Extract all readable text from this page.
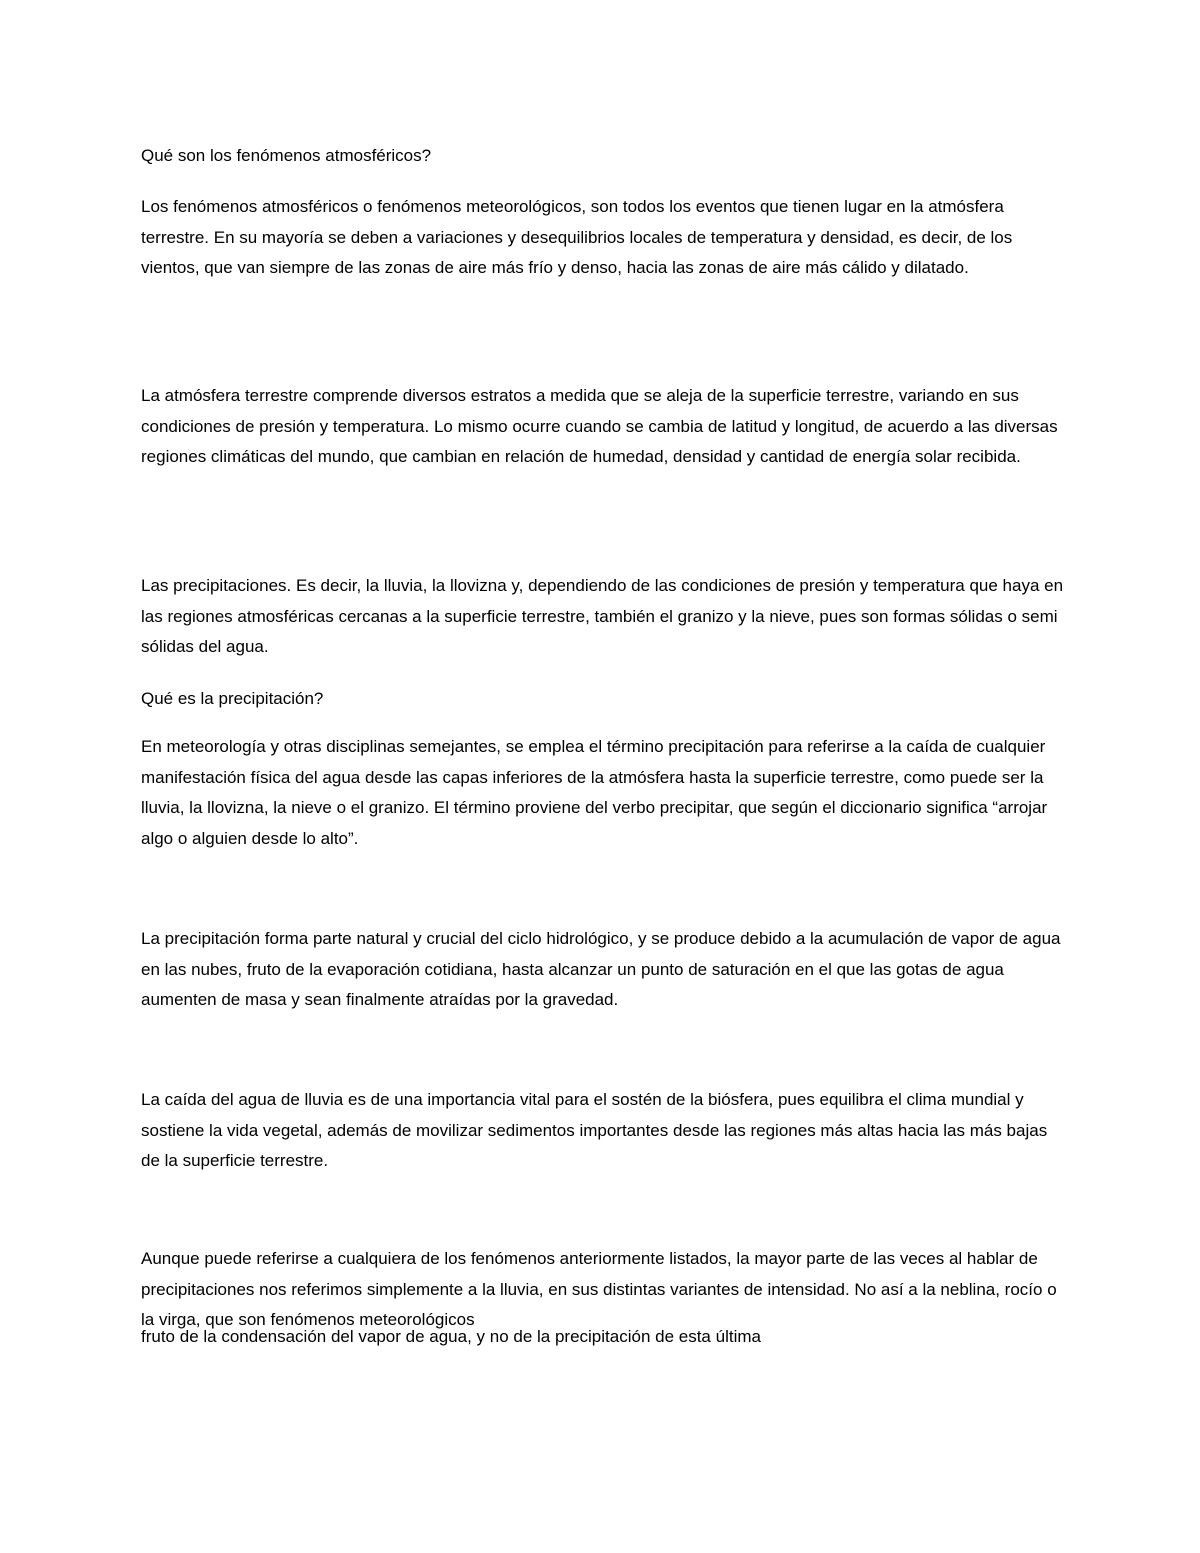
Qué son los fenómenos atmosféricos?

Los fenómenos atmosféricos o fenómenos meteorológicos, son todos los eventos que tienen lugar en la atmósfera terrestre. En su mayoría se deben a variaciones y desequilibrios locales de temperatura y densidad, es decir, de los vientos, que van siempre de las zonas de aire más frío y denso, hacia las zonas de aire más cálido y dilatado.

La atmósfera terrestre comprende diversos estratos a medida que se aleja de la superficie terrestre, variando en sus condiciones de presión y temperatura. Lo mismo ocurre cuando se cambia de latitud y longitud, de acuerdo a las diversas regiones climáticas del mundo, que cambian en relación de humedad, densidad y cantidad de energía solar recibida.

Las precipitaciones. Es decir, la lluvia, la llovizna y, dependiendo de las condiciones de presión y temperatura que haya en las regiones atmosféricas cercanas a la superficie terrestre, también el granizo y la nieve, pues son formas sólidas o semi sólidas del agua.

Qué es la precipitación?

En meteorología y otras disciplinas semejantes, se emplea el término precipitación para referirse a la caída de cualquier manifestación física del agua desde las capas inferiores de la atmósfera hasta la superficie terrestre, como puede ser la lluvia, la llovizna, la nieve o el granizo. El término proviene del verbo precipitar, que según el diccionario significa “arrojar algo o alguien desde lo alto”.

La precipitación forma parte natural y crucial del ciclo hidrológico, y se produce debido a la acumulación de vapor de agua en las nubes, fruto de la evaporación cotidiana, hasta alcanzar un punto de saturación en el que las gotas de agua aumenten de masa y sean finalmente atraídas por la gravedad.

La caída del agua de lluvia es de una importancia vital para el sostén de la biósfera, pues equilibra el clima mundial y sostiene la vida vegetal, además de movilizar sedimentos importantes desde las regiones más altas hacia las más bajas de la superficie terrestre.

Aunque puede referirse a cualquiera de los fenómenos anteriormente listados, la mayor parte de las veces al hablar de precipitaciones nos referimos simplemente a la lluvia, en sus distintas variantes de intensidad. No así a la neblina, rocío o la virga, que son fenómenos meteorológicos

fruto de la condensación del vapor de agua, y no de la precipitación de esta última
